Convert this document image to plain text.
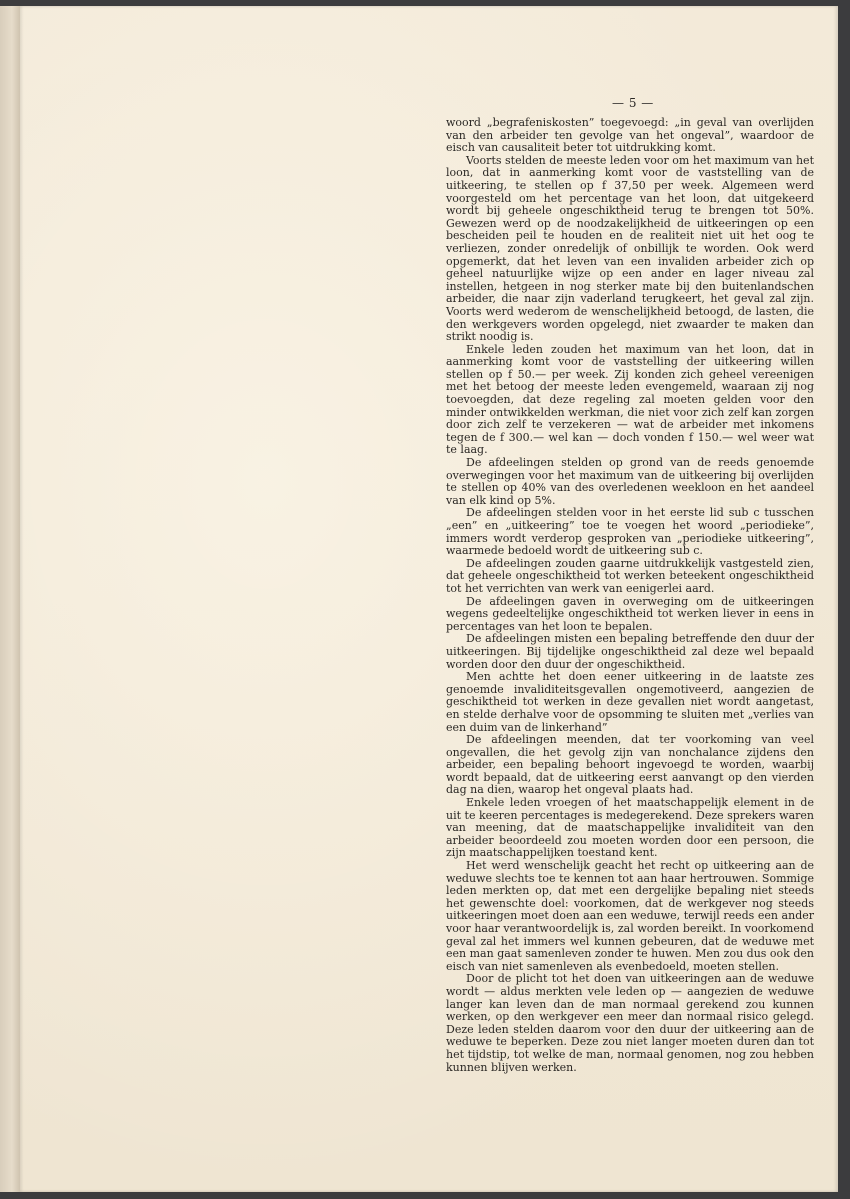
— 5 —

woord „begrafeniskosten” toegevoegd: „in geval van overlijden van den arbeider ten gevolge van het ongeval”, waardoor de eisch van causaliteit beter tot uitdrukking komt.

Voorts stelden de meeste leden voor om het maximum van het loon, dat in aanmerking komt voor de vaststelling van de uitkeering, te stellen op f 37,50 per week. Algemeen werd voorgesteld om het percentage van het loon, dat uitgekeerd wordt bij geheele ongeschiktheid terug te brengen tot 50%. Gewezen werd op de noodzakelijkheid de uitkeeringen op een bescheiden peil te houden en de realiteit niet uit het oog te verliezen, zonder onredelijk of onbillijk te worden. Ook werd opgemerkt, dat het leven van een invaliden arbeider zich op geheel natuurlijke wijze op een ander en lager niveau zal instellen, hetgeen in nog sterker mate bij den buitenlandschen arbeider, die naar zijn vaderland terugkeert, het geval zal zijn. Voorts werd wederom de wenschelijkheid betoogd, de lasten, die den werkgevers worden opgelegd, niet zwaarder te maken dan strikt noodig is.

Enkele leden zouden het maximum van het loon, dat in aanmerking komt voor de vaststelling der uitkeering willen stellen op f 50.— per week. Zij konden zich geheel vereenigen met het betoog der meeste leden evengemeld, waaraan zij nog toevoegden, dat deze regeling zal moeten gelden voor den minder ontwikkelden werkman, die niet voor zich zelf kan zorgen door zich zelf te verzekeren — wat de arbeider met inkomens tegen de f 300.— wel kan — doch vonden f 150.— wel weer wat te laag.

De afdeelingen stelden op grond van de reeds genoemde overwegingen voor het maximum van de uitkeering bij overlijden te stellen op 40% van des overledenen weekloon en het aandeel van elk kind op 5%.

De afdeelingen stelden voor in het eerste lid sub c tusschen „een” en „uitkeering” toe te voegen het woord „periodieke”, immers wordt verderop gesproken van „periodieke uitkeering”, waarmede bedoeld wordt de uitkeering sub c.

De afdeelingen zouden gaarne uitdrukkelijk vastgesteld zien, dat geheele ongeschiktheid tot werken beteekent ongeschiktheid tot het verrichten van werk van eenigerlei aard.

De afdeelingen gaven in overweging om de uitkeeringen wegens gedeeltelijke ongeschiktheid tot werken liever in eens in percentages van het loon te bepalen.

De afdeelingen misten een bepaling betreffende den duur der uitkeeringen. Bij tijdelijke ongeschiktheid zal deze wel bepaald worden door den duur der ongeschiktheid.

Men achtte het doen eener uitkeering in de laatste zes genoemde invaliditeitsgevallen ongemotiveerd, aangezien de geschiktheid tot werken in deze gevallen niet wordt aangetast, en stelde derhalve voor de opsomming te sluiten met „verlies van een duim van de linkerhand”

De afdeelingen meenden, dat ter voorkoming van veel ongevallen, die het gevolg zijn van nonchalance zijdens den arbeider, een bepaling behoort ingevoegd te worden, waarbij wordt bepaald, dat de uitkeering eerst aanvangt op den vierden dag na dien, waarop het ongeval plaats had.

Enkele leden vroegen of het maatschappelijk element in de uit te keeren percentages is medegerekend. Deze sprekers waren van meening, dat de maatschappelijke invaliditeit van den arbeider beoordeeld zou moeten worden door een persoon, die zijn maatschappelijken toestand kent.

Het werd wenschelijk geacht het recht op uitkeering aan de weduwe slechts toe te kennen tot aan haar hertrouwen. Sommige leden merkten op, dat met een dergelijke bepaling niet steeds het gewenschte doel: voorkomen, dat de werkgever nog steeds uitkeeringen moet doen aan een weduwe, terwijl reeds een ander voor haar verantwoordelijk is, zal worden bereikt. In voorkomend geval zal het immers wel kunnen gebeuren, dat de weduwe met een man gaat samenleven zonder te huwen. Men zou dus ook den eisch van niet samenleven als evenbedoeld, moeten stellen.

Door de plicht tot het doen van uitkeeringen aan de weduwe wordt — aldus merkten vele leden op — aangezien de weduwe langer kan leven dan de man normaal gerekend zou kunnen werken, op den werkgever een meer dan normaal risico gelegd. Deze leden stelden daarom voor den duur der uitkeering aan de weduwe te beperken. Deze zou niet langer moeten duren dan tot het tijdstip, tot welke de man, normaal genomen, nog zou hebben kunnen blijven werken.
